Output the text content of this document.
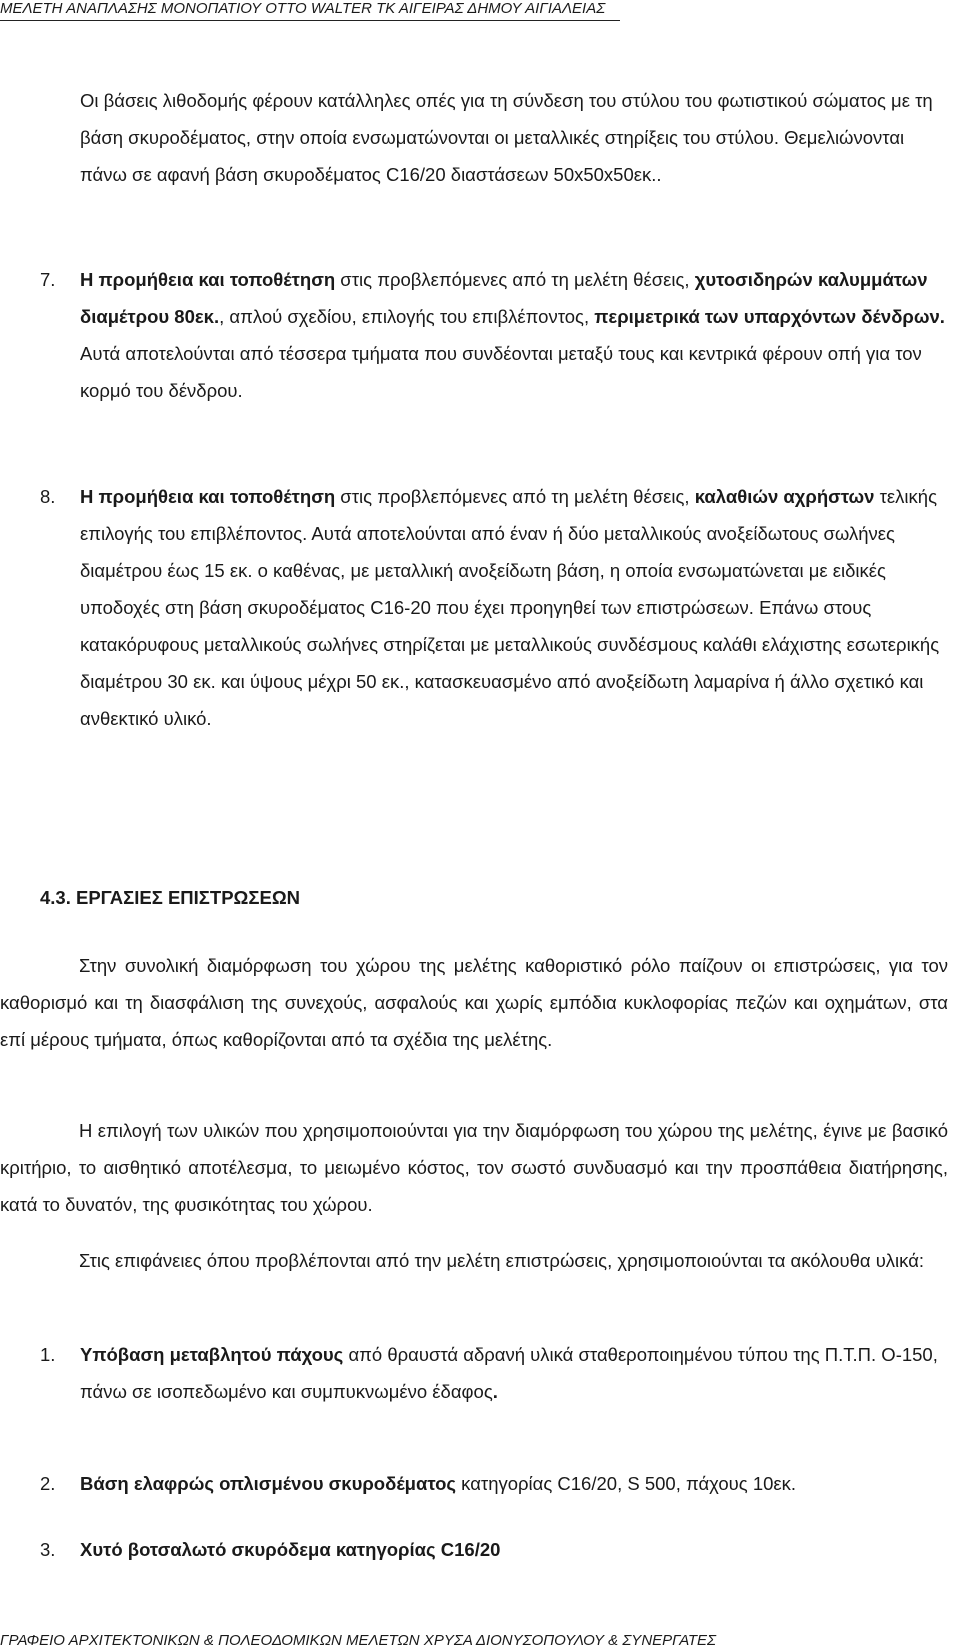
ΜΕΛΕΤΗ ΑΝΑΠΛΑΣΗΣ ΜΟΝΟΠΑΤΙΟΥ ΟΤΤΟ WALTER ΤΚ ΑΙΓΕΙΡΑΣ ΔΗΜΟΥ ΑΙΓΙΑΛΕΙΑΣ

Οι βάσεις λιθοδομής φέρουν κατάλληλες οπές για τη σύνδεση του στύλου του φωτιστικού σώματος με τη βάση σκυροδέματος, στην οποία ενσωματώνονται οι μεταλλικές στηρίξεις του στύλου. Θεμελιώνονται πάνω σε αφανή βάση σκυροδέματος C16/20 διαστάσεων 50x50x50εκ..

7. Η προμήθεια και τοποθέτηση στις προβλεπόμενες από τη μελέτη θέσεις, χυτοσιδηρών καλυμμάτων διαμέτρου 80εκ., απλού σχεδίου, επιλογής του επιβλέποντος, περιμετρικά των υπαρχόντων δένδρων.
Αυτά αποτελούνται από τέσσερα τμήματα που συνδέονται μεταξύ τους και κεντρικά φέρουν οπή για τον κορμό του δένδρου.
8. Η προμήθεια και τοποθέτηση στις προβλεπόμενες από τη μελέτη θέσεις, καλαθιών αχρήστων τελικής επιλογής του επιβλέποντος. Αυτά αποτελούνται από έναν ή δύο μεταλλικούς ανοξείδωτους σωλήνες διαμέτρου έως 15 εκ. ο καθένας, με μεταλλική ανοξείδωτη βάση, η οποία ενσωματώνεται με ειδικές υποδοχές στη βάση σκυροδέματος C16-20 που έχει προηγηθεί των επιστρώσεων. Επάνω στους κατακόρυφους μεταλλικούς σωλήνες στηρίζεται με μεταλλικούς συνδέσμους καλάθι ελάχιστης εσωτερικής διαμέτρου 30 εκ. και ύψους μέχρι 50 εκ., κατασκευασμένο από ανοξείδωτη λαμαρίνα ή άλλο σχετικό και ανθεκτικό υλικό.
4.3. ΕΡΓΑΣΙΕΣ ΕΠΙΣΤΡΩΣΕΩΝ

Στην συνολική διαμόρφωση του χώρου της μελέτης καθοριστικό ρόλο παίζουν οι επιστρώσεις, για τον καθορισμό και τη διασφάλιση της συνεχούς, ασφαλούς και χωρίς εμπόδια κυκλοφορίας πεζών και οχημάτων, στα επί μέρους τμήματα, όπως καθορίζονται από τα σχέδια της μελέτης.

Η επιλογή των υλικών που χρησιμοποιούνται για την διαμόρφωση του χώρου της μελέτης, έγινε με βασικό κριτήριο, το αισθητικό αποτέλεσμα, το μειωμένο κόστος, τον σωστό συνδυασμό και την προσπάθεια διατήρησης, κατά το δυνατόν, της φυσικότητας του χώρου.

Στις επιφάνειες όπου προβλέπονται από την μελέτη επιστρώσεις, χρησιμοποιούνται τα ακόλουθα υλικά:

1. Υπόβαση μεταβλητού πάχους από θραυστά αδρανή υλικά σταθεροποιημένου τύπου της Π.Τ.Π. Ο-150, πάνω σε ισοπεδωμένο και συμπυκνωμένο έδαφος.
2. Βάση ελαφρώς οπλισμένου σκυροδέματος κατηγορίας C16/20, S 500, πάχους 10εκ.
3. Χυτό βοτσαλωτό σκυρόδεμα κατηγορίας C16/20
ΓΡΑΦΕΙΟ ΑΡΧΙΤΕΚΤΟΝΙΚΩΝ & ΠΟΛΕΟΔΟΜΙΚΩΝ ΜΕΛΕΤΩΝ ΧΡΥΣΑ ΔΙΟΝΥΣΟΠΟΥΛΟΥ & ΣΥΝΕΡΓΑΤΕΣ
